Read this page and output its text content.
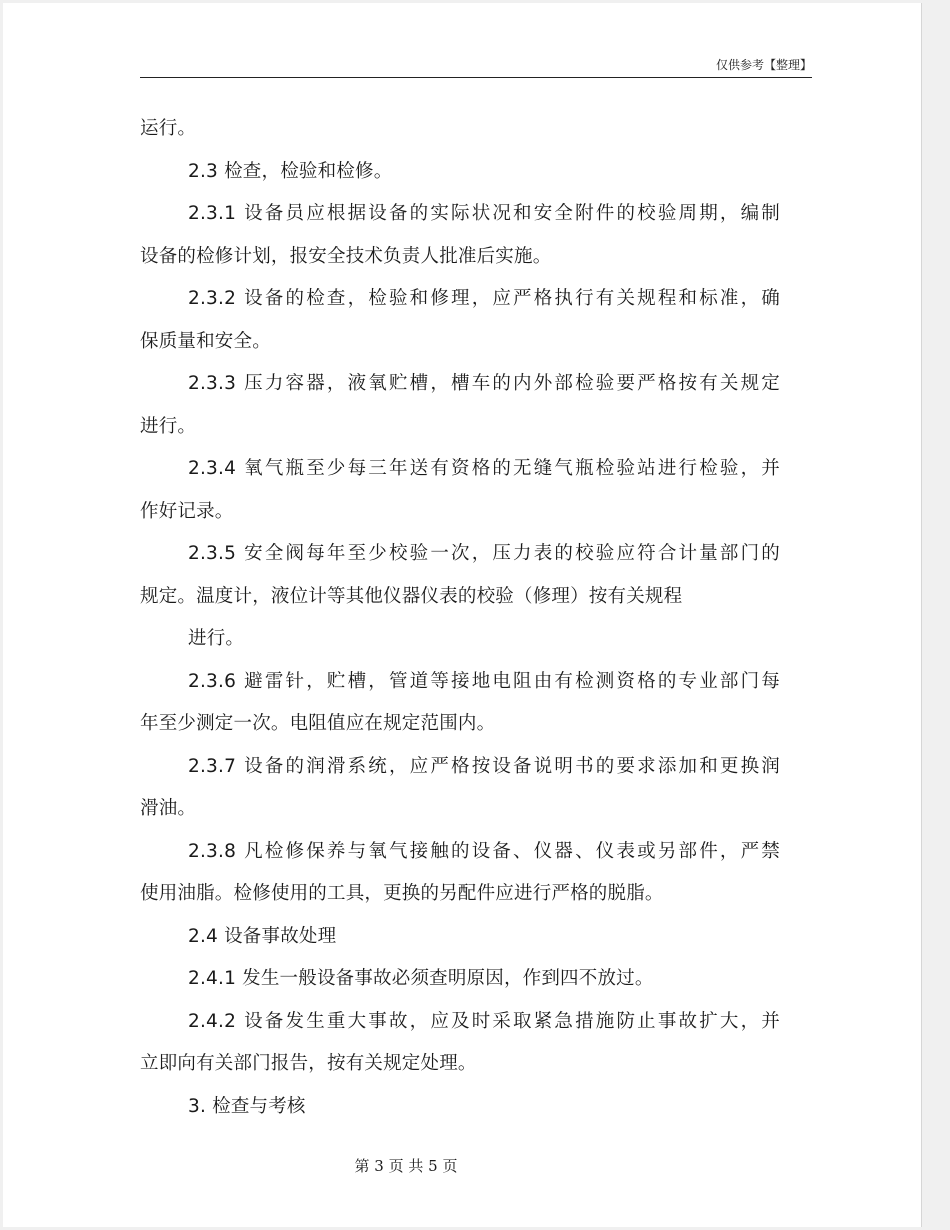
仅供参考【整理】
运行。
2.3 检查，检验和检修。
2.3.1 设备员应根据设备的实际状况和安全附件的校验周期，编制
设备的检修计划，报安全技术负责人批准后实施。
2.3.2 设备的检查，检验和修理，应严格执行有关规程和标准，确
保质量和安全。
2.3.3 压力容器，液氧贮槽，槽车的内外部检验要严格按有关规定
进行。
2.3.4 氧气瓶至少每三年送有资格的无缝气瓶检验站进行检验，并
作好记录。
2.3.5 安全阀每年至少校验一次，压力表的校验应符合计量部门的
规定。温度计，液位计等其他仪器仪表的校验（修理）按有关规程
进行。
2.3.6 避雷针，贮槽，管道等接地电阻由有检测资格的专业部门每
年至少测定一次。电阻值应在规定范围内。
2.3.7 设备的润滑系统，应严格按设备说明书的要求添加和更换润
滑油。
2.3.8 凡检修保养与氧气接触的设备、仪器、仪表或另部件，严禁
使用油脂。检修使用的工具，更换的另配件应进行严格的脱脂。
2.4 设备事故处理
2.4.1 发生一般设备事故必须查明原因，作到四不放过。
2.4.2 设备发生重大事故，应及时采取紧急措施防止事故扩大，并
立即向有关部门报告，按有关规定处理。
3. 检查与考核
第 3 页 共 5 页
